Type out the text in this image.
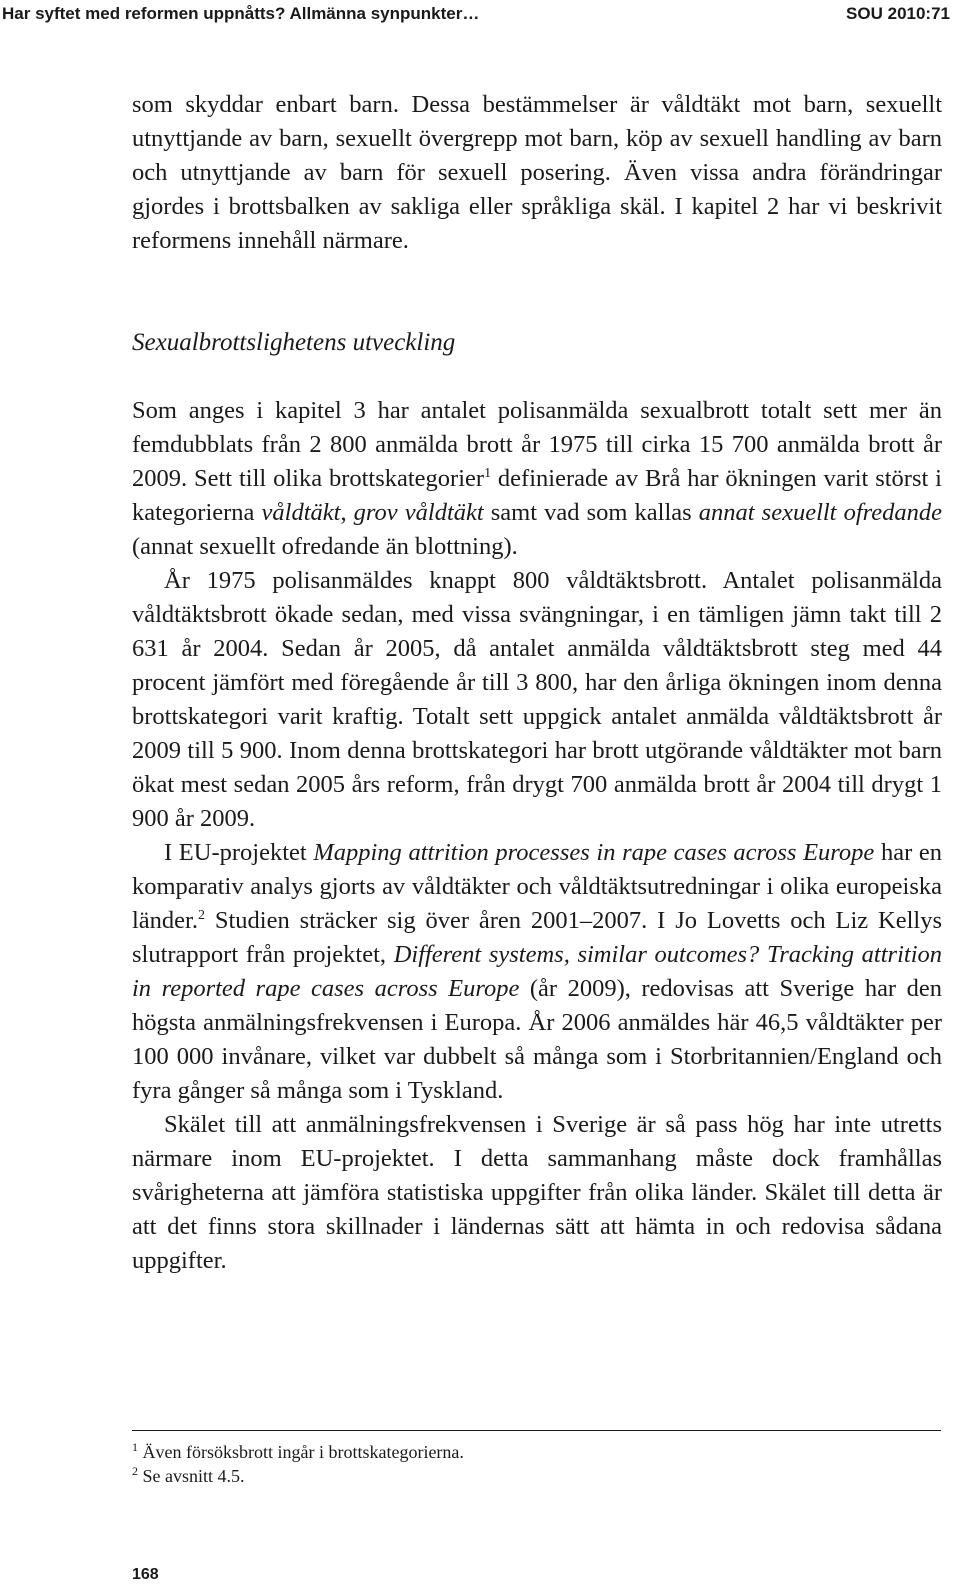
Har syftet med reformen uppnåtts? Allmänna synpunkter…	SOU 2010:71

som skyddar enbart barn. Dessa bestämmelser är våldtäkt mot barn, sexuellt utnyttjande av barn, sexuellt övergrepp mot barn, köp av sexuell handling av barn och utnyttjande av barn för sexuell posering. Även vissa andra förändringar gjordes i brottsbalken av sakliga eller språkliga skäl. I kapitel 2 har vi beskrivit reformens innehåll närmare.

Sexualbrottslighetens utveckling

Som anges i kapitel 3 har antalet polisanmälda sexualbrott totalt sett mer än femdubblats från 2 800 anmälda brott år 1975 till cirka 15 700 anmälda brott år 2009. Sett till olika brottskategorier$^1$ definierade av Brå har ökningen varit störst i kategorierna våldtäkt, grov våldtäkt samt vad som kallas annat sexuellt ofredande (annat sexuellt ofredande än blottning).

År 1975 polisanmäldes knappt 800 våldtäktsbrott. Antalet polisanmälda våldtäktsbrott ökade sedan, med vissa svängningar, i en tämligen jämn takt till 2 631 år 2004. Sedan år 2005, då antalet anmälda våldtäktsbrott steg med 44 procent jämfört med föregående år till 3 800, har den årliga ökningen inom denna brottskategori varit kraftig. Totalt sett uppgick antalet anmälda våldtäktsbrott år 2009 till 5 900. Inom denna brottskategori har brott utgörande våldtäkter mot barn ökat mest sedan 2005 års reform, från drygt 700 anmälda brott år 2004 till drygt 1 900 år 2009.

I EU-projektet Mapping attrition processes in rape cases across Europe har en komparativ analys gjorts av våldtäkter och våldtäktsutredningar i olika europeiska länder.$^2$ Studien sträcker sig över åren 2001–2007. I Jo Lovetts och Liz Kellys slutrapport från projektet, Different systems, similar outcomes? Tracking attrition in reported rape cases across Europe (år 2009), redovisas att Sverige har den högsta anmälningsfrekvensen i Europa. År 2006 anmäldes här 46,5 våldtäkter per 100 000 invånare, vilket var dubbelt så många som i Storbritannien/England och fyra gånger så många som i Tyskland.

Skälet till att anmälningsfrekvensen i Sverige är så pass hög har inte utretts närmare inom EU-projektet. I detta sammanhang måste dock framhållas svårigheterna att jämföra statistiska uppgifter från olika länder. Skälet till detta är att det finns stora skillnader i ländernas sätt att hämta in och redovisa sådana uppgifter.

$^1$ Även försöksbrott ingår i brottskategorierna.
$^2$ Se avsnitt 4.5.
168
